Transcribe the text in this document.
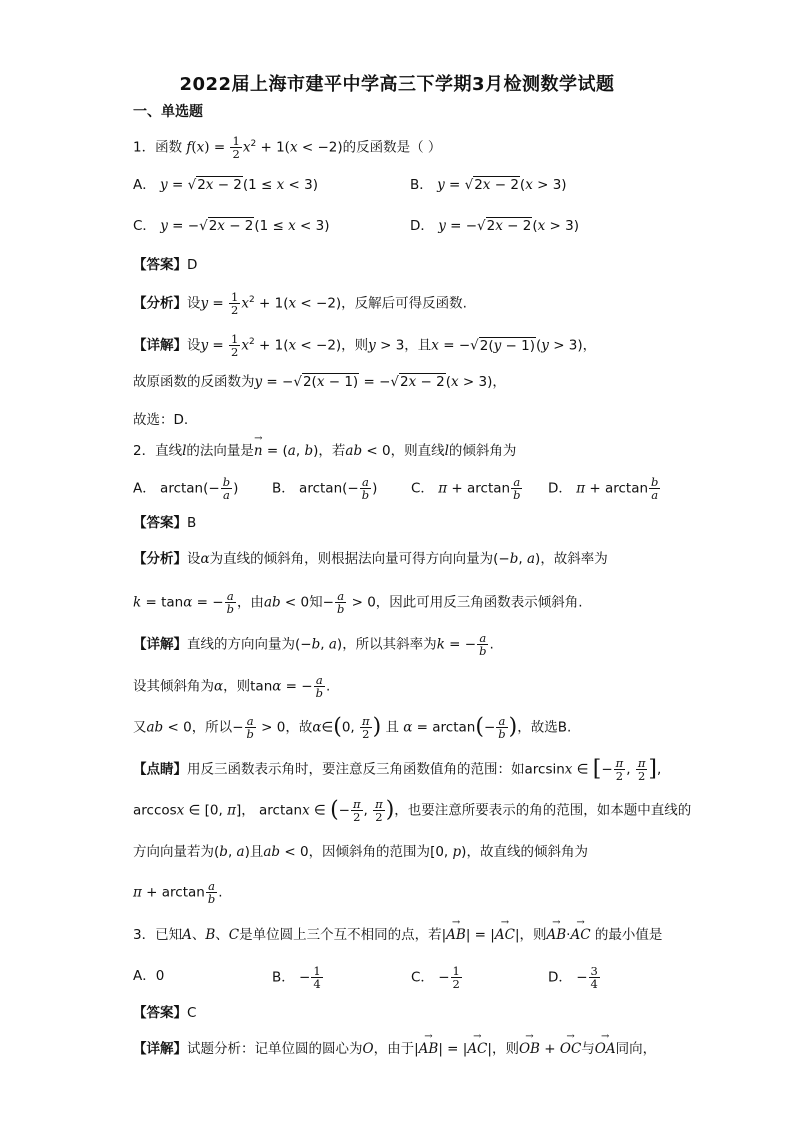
2022届上海市建平中学高三下学期3月检测数学试题
一、单选题
1．函数 $f(x) = \frac{1}{2} x^2 + 1(x < -2)$的反函数是（ ）
A． y = √2x − 2(1 ≤ x < 3)	B． y = √2x − 2(x > 3)
C． y = −√2x − 2(1 ≤ x < 3)	D． y = −√2x − 2(x > 3)
【答案】D
【分析】设$y = \frac{1}{2} x^2 + 1(x < -2)$，反解后可得反函数.
【详解】设$y = \frac{1}{2} x^2 + 1(x < -2)$，则y > 3，且x = −√2(y − 1)(y > 3)，
故原函数的反函数为y = −√2(x − 1) = −√2x − 2(x > 3)，
故选：D.
2．直线l的法向量是→ n = (a, b)，若ab < 0，则直线l的倾斜角为
A． $\arctan(- \frac{b}{a}$ ) B． $\arctan(- \frac{a}{b}$ ) C． $\pi + \arctan \frac{a}{b}$ D． $\pi + \arctan \frac{b}{a}$
【答案】B
【分析】设α为直线的倾斜角，则根据法向量可得方向向量为(−b, a)，故斜率为
k = tanα = − $\frac{a}{b}$ ，由ab < 0知− $\frac{a}{b} > 0$，因此可用反三角函数表示倾斜角.
【详解】直线的方向向量为(−b, a)，所以其斜率为k = − $\frac{a}{b}$ .
设其倾斜角为α，则tanα = − $\frac{a}{b}$ .
又ab < 0，所以− $\frac{a}{b} > 0$，故α∈(0, $\frac{\pi}{2}$ ) 且 $\alpha = \arctan(- \frac{a}{b}$ )，故选B.
【点睛】用反三函数表示角时，要注意反三角函数值角的范围：如arcsinx ∈ [− $\frac{\pi}{2}$ , $\frac{\pi}{2}$ ],
arccosx ∈ [0, π]， arctanx ∈ (− $\frac{\pi}{2}$ , $\frac{\pi}{2}$ )，也要注意所要表示的角的范围，如本题中直线的
方向向量若为(b, a)且ab < 0，因倾斜角的范围为[0, p)，故直线的倾斜角为
$\pi + \arctan \frac{a}{b}$ .
3．已知A、B、C是单位圆上三个互不相同的点，若|→ AB| = |→ AC|，则→ AB·→ AC 的最小值是
A．0	B． − $\frac{1}{4}$	C． − $\frac{1}{2}$	D． − $\frac{3}{4}$
【答案】C
【详解】试题分析：记单位圆的圆心为O，由于|→ AB| = |→ AC|，则→ OB + → OC与→ OA同向，
